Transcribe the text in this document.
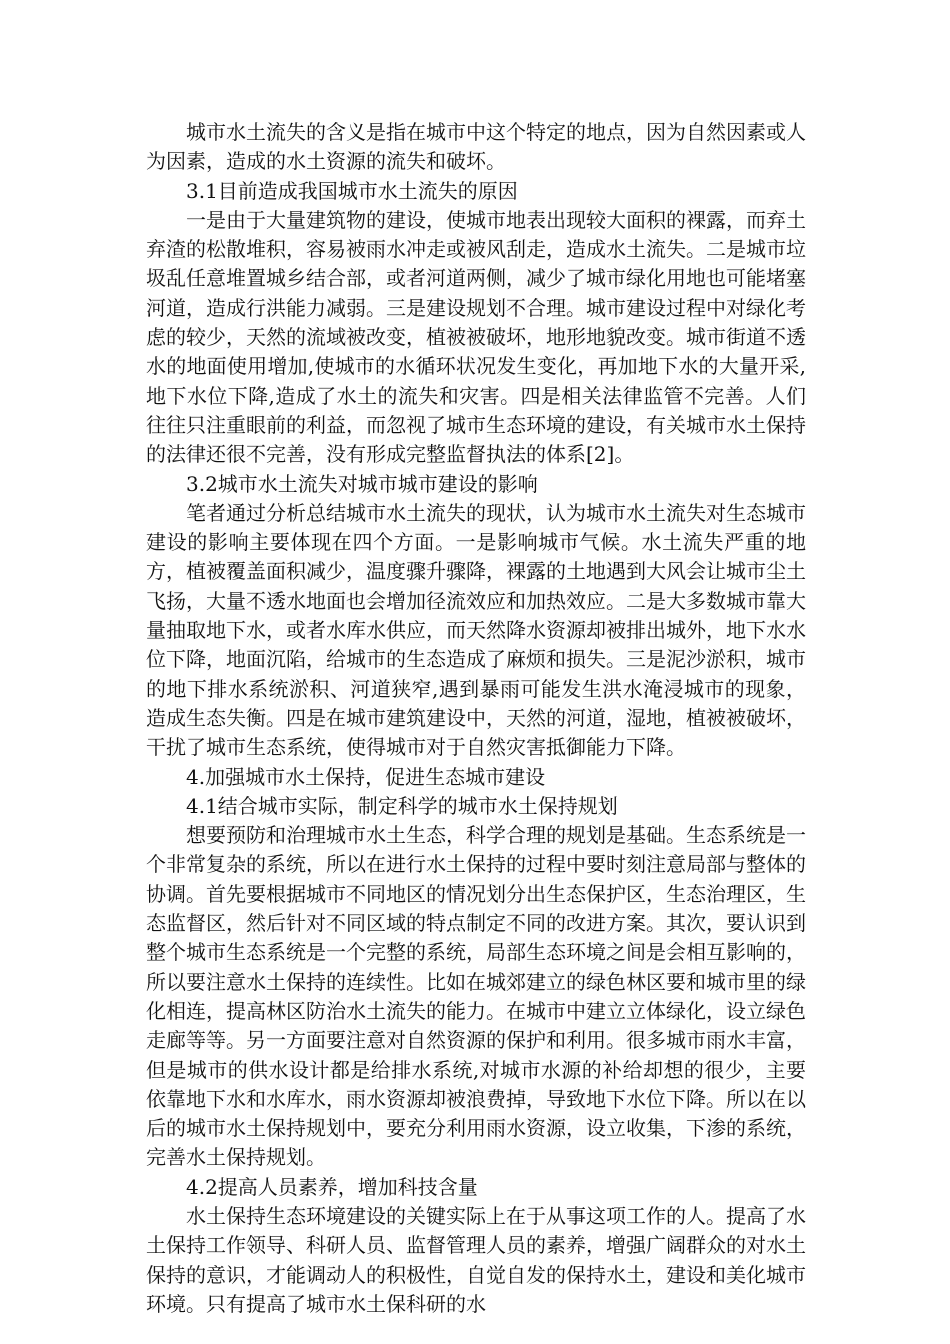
城市水土流失的含义是指在城市中这个特定的地点，因为自然因素或人为因素，造成的水土资源的流失和破坏。

3.1目前造成我国城市水土流失的原因

一是由于大量建筑物的建设，使城市地表出现较大面积的裸露，而弃土弃渣的松散堆积，容易被雨水冲走或被风刮走，造成水土流失。二是城市垃圾乱任意堆置城乡结合部，或者河道两侧，减少了城市绿化用地也可能堵塞河道，造成行洪能力减弱。三是建设规划不合理。城市建设过程中对绿化考虑的较少，天然的流域被改变，植被被破坏，地形地貌改变。城市街道不透水的地面使用增加,使城市的水循环状况发生变化，再加地下水的大量开采,地下水位下降,造成了水土的流失和灾害。四是相关法律监管不完善。人们往往只注重眼前的利益，而忽视了城市生态环境的建设，有关城市水土保持的法律还很不完善，没有形成完整监督执法的体系[2]。

3.2城市水土流失对城市城市建设的影响

笔者通过分析总结城市水土流失的现状，认为城市水土流失对生态城市建设的影响主要体现在四个方面。一是影响城市气候。水土流失严重的地方，植被覆盖面积减少，温度骤升骤降，裸露的土地遇到大风会让城市尘土飞扬，大量不透水地面也会增加径流效应和加热效应。二是大多数城市靠大量抽取地下水，或者水库水供应，而天然降水资源却被排出城外，地下水水位下降，地面沉陷，给城市的生态造成了麻烦和损失。三是泥沙淤积，城市的地下排水系统淤积、河道狭窄,遇到暴雨可能发生洪水淹浸城市的现象，造成生态失衡。四是在城市建筑建设中，天然的河道，湿地，植被被破坏，干扰了城市生态系统，使得城市对于自然灾害抵御能力下降。

4.加强城市水土保持，促进生态城市建设

4.1结合城市实际，制定科学的城市水土保持规划

想要预防和治理城市水土生态，科学合理的规划是基础。生态系统是一个非常复杂的系统，所以在进行水土保持的过程中要时刻注意局部与整体的协调。首先要根据城市不同地区的情况划分出生态保护区，生态治理区，生态监督区，然后针对不同区域的特点制定不同的改进方案。其次，要认识到整个城市生态系统是一个完整的系统，局部生态环境之间是会相互影响的，所以要注意水土保持的连续性。比如在城郊建立的绿色林区要和城市里的绿化相连，提高林区防治水土流失的能力。在城市中建立立体绿化，设立绿色走廊等等。另一方面要注意对自然资源的保护和利用。很多城市雨水丰富，但是城市的供水设计都是给排水系统,对城市水源的补给却想的很少，主要依靠地下水和水库水，雨水资源却被浪费掉，导致地下水位下降。所以在以后的城市水土保持规划中，要充分利用雨水资源，设立收集，下渗的系统，完善水土保持规划。

4.2提高人员素养，增加科技含量

水土保持生态环境建设的关键实际上在于从事这项工作的人。提高了水土保持工作领导、科研人员、监督管理人员的素养，增强广阔群众的对水土保持的意识，才能调动人的积极性，自觉自发的保持水土，建设和美化城市环境。只有提高了城市水土保科研的水
